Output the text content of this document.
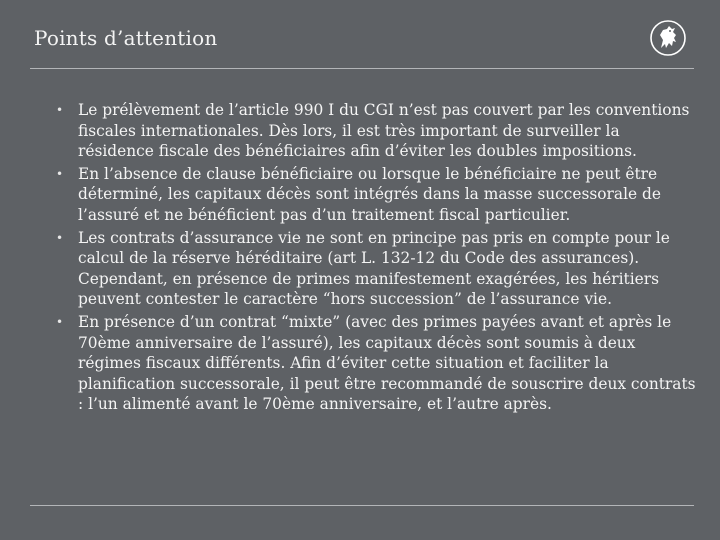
Points d’attention
• Le prélèvement de l’article 990 I du CGI n’est pas couvert par les conventions fiscales internationales. Dès lors, il est très important de surveiller la résidence fiscale des bénéficiaires afin d’éviter les doubles impositions.
• En l’absence de clause bénéficiaire ou lorsque le bénéficiaire ne peut être déterminé, les capitaux décès sont intégrés dans la masse successorale de l’assuré et ne bénéficient pas d’un traitement fiscal particulier.
• Les contrats d’assurance vie ne sont en principe pas pris en compte pour le calcul de la réserve héréditaire (art L. 132-12 du Code des assurances). Cependant, en présence de primes manifestement exagérées, les héritiers peuvent contester le caractère “hors succession” de l’assurance vie.
• En présence d’un contrat “mixte” (avec des primes payées avant et après le 70ème anniversaire de l’assuré), les capitaux décès sont soumis à deux régimes fiscaux différents. Afin d’éviter cette situation et faciliter la planification successorale, il peut être recommandé de souscrire deux contrats : l’un alimenté avant le 70ème anniversaire, et l’autre après.
